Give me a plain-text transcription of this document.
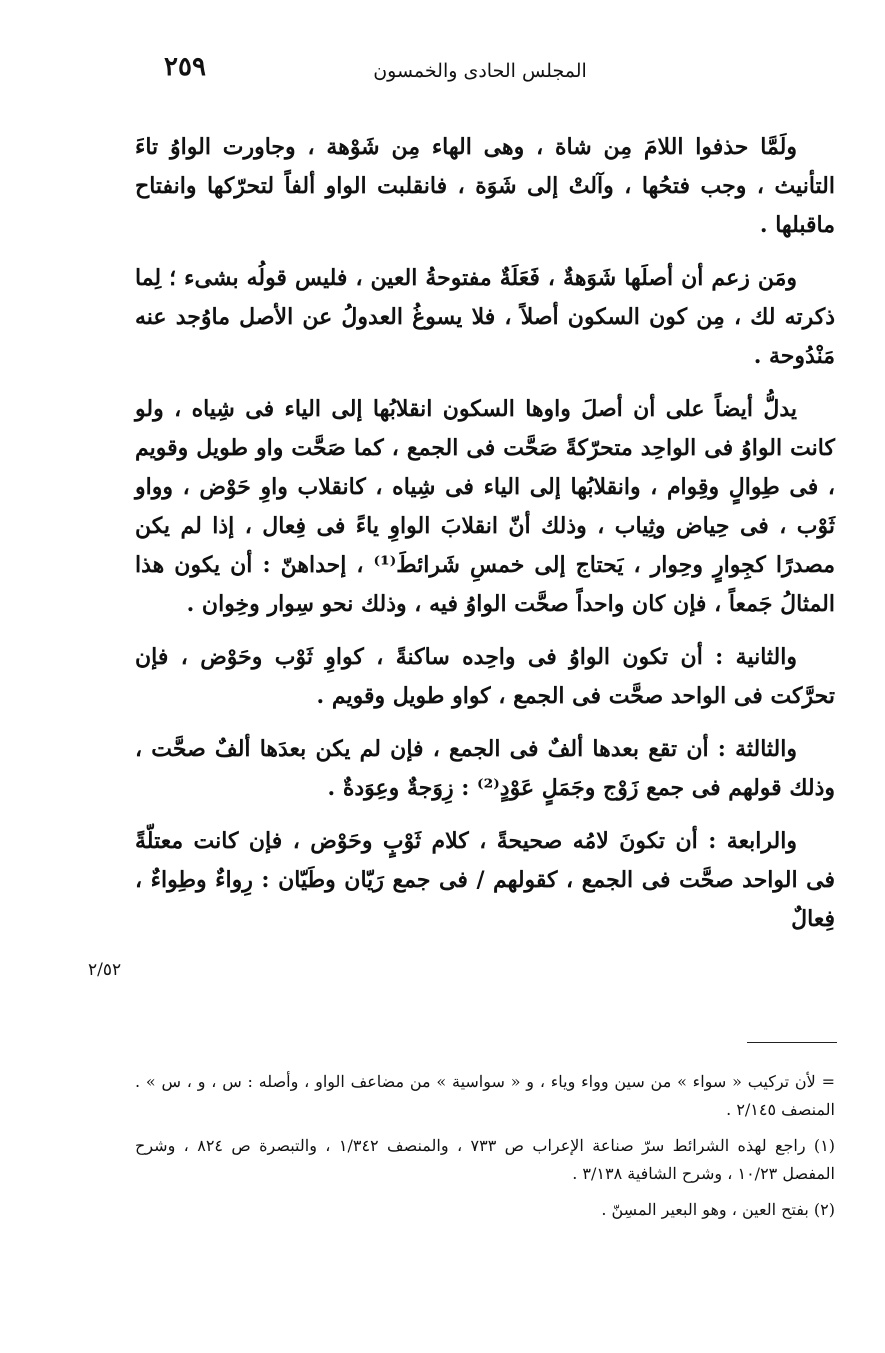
٢٥٩	المجلس الحادى والخمسون

ولَمَّا حذفوا اللامَ مِن شاة ، وهى الهاء مِن شَوْهة ، وجاورت الواوُ تاءَ التأنيث ، وجب فتحُها ، وآلتْ إلى شَوَة ، فانقلبت الواو ألفاً لتحرّكها وانفتاح ماقبلها .

ومَن زعم أن أصلَها شَوَهةٌ ، فَعَلَةٌ مفتوحةُ العين ، فليس قولُه بشىء ؛ لِما ذكرته لك ، مِن كون السكون أصلاً ، فلا يسوغُ العدولُ عن الأصل ماوُجد عنه مَنْدُوحة .

يدلُّ أيضاً على أن أصلَ واوها السكون انقلابُها إلى الياء فى شِياه ، ولو كانت الواوُ فى الواحِد متحرّكةً صَحَّت فى الجمع ، كما صَحَّت واو طويل وقويم ، فى طِوالٍ وقِوام ، وانقلابُها إلى الياء فى شِياه ، كانقلاب واوِ حَوْض ، وواو ثَوْب ، فى حِياض وثِياب ، وذلك أنّ انقلابَ الواوِ ياءً فى فِعال ، إذا لم يكن مصدرًا كجِوارٍ وحِوار ، يَحتاج إلى خمسِ شَرائطَ⁽¹⁾ ، إحداهنّ : أن يكون هذا المثالُ جَمعاً ، فإن كان واحداً صحَّت الواوُ فيه ، وذلك نحو سِوار وخِوان .

والثانية : أن تكون الواوُ فى واحِده ساكنةً ، كواوِ ثَوْب وحَوْض ، فإن تحرَّكت فى الواحد صحَّت فى الجمع ، كواو طويل وقويم .

والثالثة : أن تقع بعدها ألفٌ فى الجمع ، فإن لم يكن بعدَها ألفٌ صحَّت ، وذلك قولهم فى جمع زَوْج وجَمَلٍ عَوْدٍ⁽²⁾ : زِوَجةٌ وعِوَدةٌ .

والرابعة : أن تكونَ لامُه صحيحةً ، كلام ثَوْبٍ وحَوْض ، فإن كانت معتلّةً فى الواحد صحَّت فى الجمع ، كقولهم / فى جمع رَيّان وطَيّان : رِواءٌ وطِواءٌ ، فِعالٌ

٢/٥٢

= لأن تركيب « سواء » من سين وواء وياء ، و « سواسية » من مضاعف الواو ، وأصله : س ، و ، س » . المنصف ٢/١٤٥ .

(١) راجع لهذه الشرائط سرّ صناعة الإعراب ص ٧٣٣ ، والمنصف ١/٣٤٢ ، والتبصرة ص ٨٢٤ ، وشرح المفصل ١٠/٢٣ ، وشرح الشافية ٣/١٣٨ .

(٢) بفتح العين ، وهو البعير المسِنّ .
